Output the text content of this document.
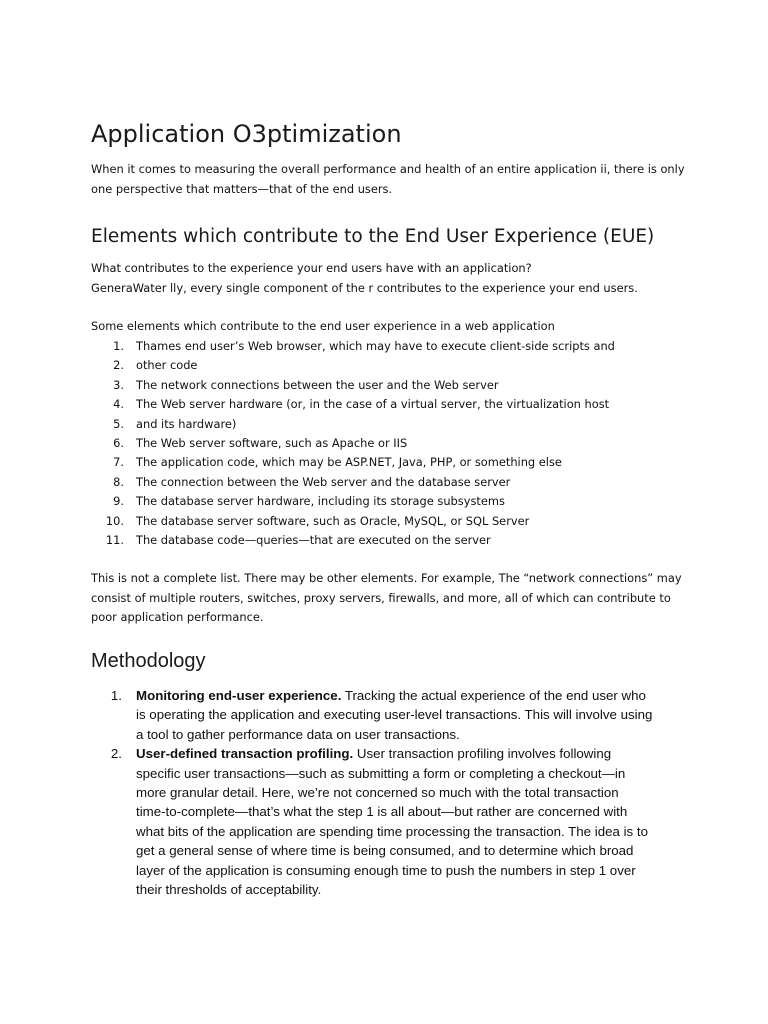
Application O3ptimization
When it comes to measuring the overall performance and health of an entire application ii, there is only
one perspective that matters—that of the end users.
Elements which contribute to the End User Experience (EUE)
What contributes to the experience your end users have with an application?
GeneraWater lly, every single component of the r contributes to the experience your end users.
Some elements which contribute to the end user experience in a web application
1. Thames end user’s Web browser, which may have to execute client-side scripts and
2. other code
3. The network connections between the user and the Web server
4. The Web server hardware (or, in the case of a virtual server, the virtualization host
5. and its hardware)
6. The Web server software, such as Apache or IIS
7. The application code, which may be ASP.NET, Java, PHP, or something else
8. The connection between the Web server and the database server
9. The database server hardware, including its storage subsystems
10. The database server software, such as Oracle, MySQL, or SQL Server
11. The database code—queries—that are executed on the server
This is not a complete list. There may be other elements. For example, The “network connections” may
consist of multiple routers, switches, proxy servers, firewalls, and more, all of which can contribute to
poor application performance.
Methodology
1. Monitoring end-user experience. Tracking the actual experience of the end user who
is operating the application and executing user-level transactions. This will involve using
a tool to gather performance data on user transactions.
2. User-defined transaction profiling. User transaction profiling involves following
specific user transactions—such as submitting a form or completing a checkout—in
more granular detail. Here, we’re not concerned so much with the total transaction
time-to-complete—that’s what the step 1 is all about—but rather are concerned with
what bits of the application are spending time processing the transaction. The idea is to
get a general sense of where time is being consumed, and to determine which broad
layer of the application is consuming enough time to push the numbers in step 1 over
their thresholds of acceptability.
